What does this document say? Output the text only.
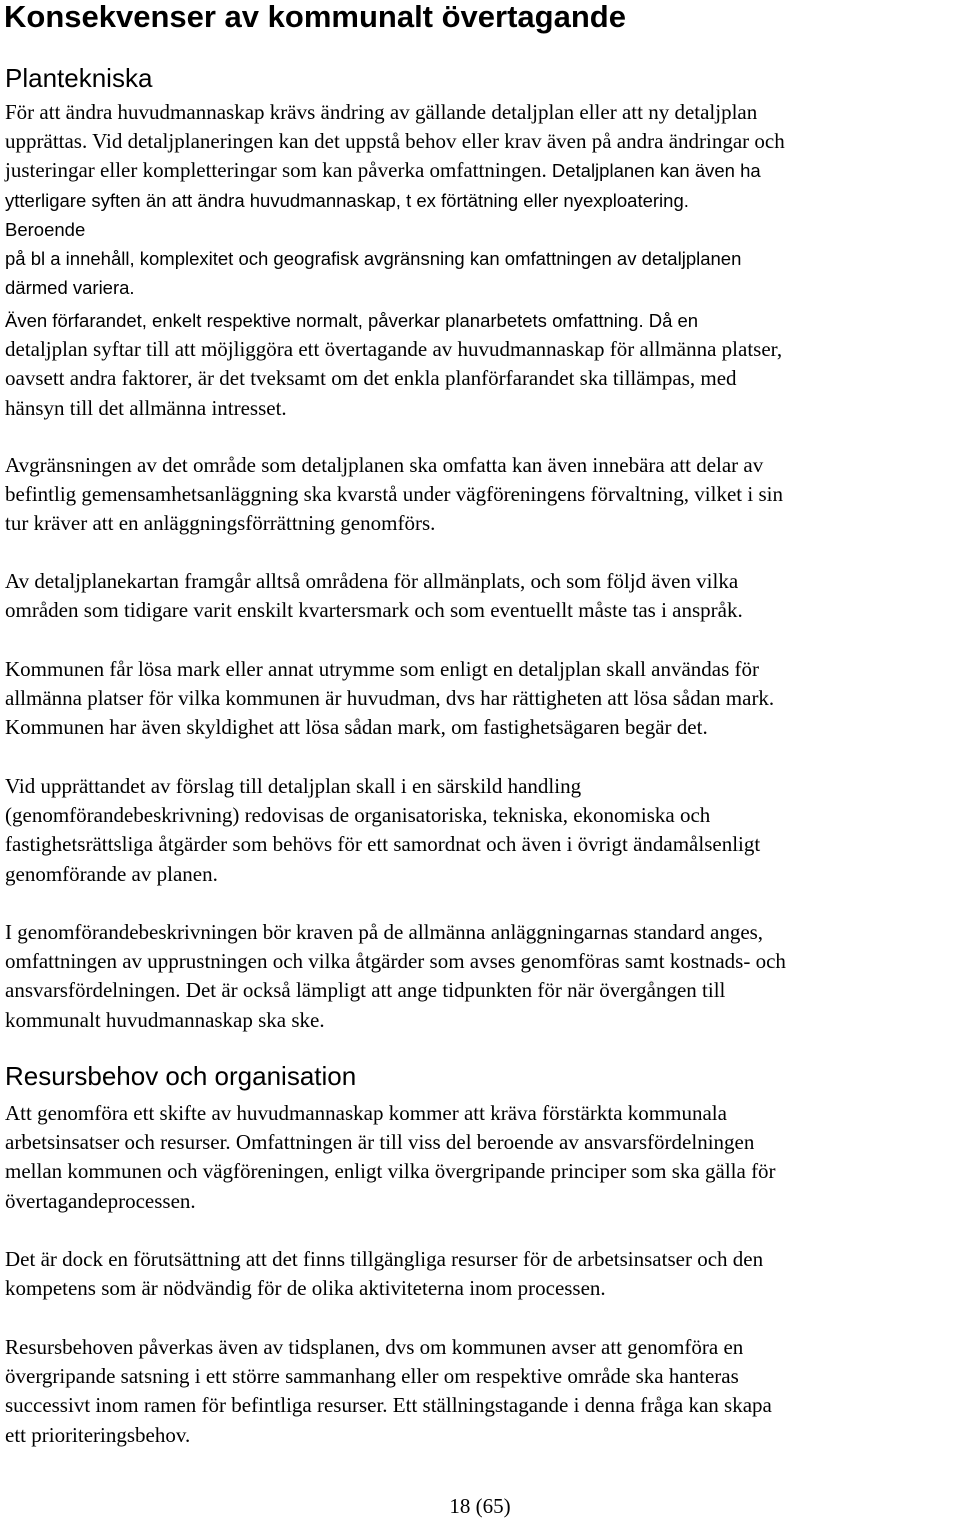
Konsekvenser av kommunalt övertagande
Plantekniska
För att ändra huvudmannaskap krävs ändring av gällande detaljplan eller att ny detaljplan
upprättas. Vid detaljplaneringen kan det uppstå behov eller krav även på andra ändringar och
justeringar eller kompletteringar som kan påverka omfattningen. Detaljplanen kan även ha
ytterligare syften än att ändra huvudmannaskap, t ex förtätning eller nyexploatering.
Beroende
på bl a innehåll, komplexitet och geografisk avgränsning kan omfattningen av detaljplanen
därmed variera.
Även förfarandet, enkelt respektive normalt, påverkar planarbetets omfattning. Då en
detaljplan syftar till att möjliggöra ett övertagande av huvudmannaskap för allmänna platser,
oavsett andra faktorer, är det tveksamt om det enkla planförfarandet ska tillämpas, med
hänsyn till det allmänna intresset.
Avgränsningen av det område som detaljplanen ska omfatta kan även innebära att delar av
befintlig gemensamhetsanläggning ska kvarstå under vägföreningens förvaltning, vilket i sin
tur kräver att en anläggningsförrättning genomförs.
Av detaljplanekartan framgår alltså områdena för allmänplats, och som följd även vilka
områden som tidigare varit enskilt kvartersmark och som eventuellt måste tas i anspråk.
Kommunen får lösa mark eller annat utrymme som enligt en detaljplan skall användas för
allmänna platser för vilka kommunen är huvudman, dvs har rättigheten att lösa sådan mark.
Kommunen har även skyldighet att lösa sådan mark, om fastighetsägaren begär det.
Vid upprättandet av förslag till detaljplan skall i en särskild handling
(genomförandebeskrivning) redovisas de organisatoriska, tekniska, ekonomiska och
fastighetsrättsliga åtgärder som behövs för ett samordnat och även i övrigt ändamålsenligt
genomförande av planen.
I genomförandebeskrivningen bör kraven på de allmänna anläggningarnas standard anges,
omfattningen av upprustningen och vilka åtgärder som avses genomföras samt kostnads- och
ansvarsfördelningen. Det är också lämpligt att ange tidpunkten för när övergången till
kommunalt huvudmannaskap ska ske.
Resursbehov och organisation
Att genomföra ett skifte av huvudmannaskap kommer att kräva förstärkta kommunala
arbetsinsatser och resurser. Omfattningen är till viss del beroende av ansvarsfördelningen
mellan kommunen och vägföreningen, enligt vilka övergripande principer som ska gälla för
övertagandeprocessen.
Det är dock en förutsättning att det finns tillgängliga resurser för de arbetsinsatser och den
kompetens som är nödvändig för de olika aktiviteterna inom processen.
Resursbehoven påverkas även av tidsplanen, dvs om kommunen avser att genomföra en
övergripande satsning i ett större sammanhang eller om respektive område ska hanteras
successivt inom ramen för befintliga resurser. Ett ställningstagande i denna fråga kan skapa
ett prioriteringsbehov.
18 (65)
